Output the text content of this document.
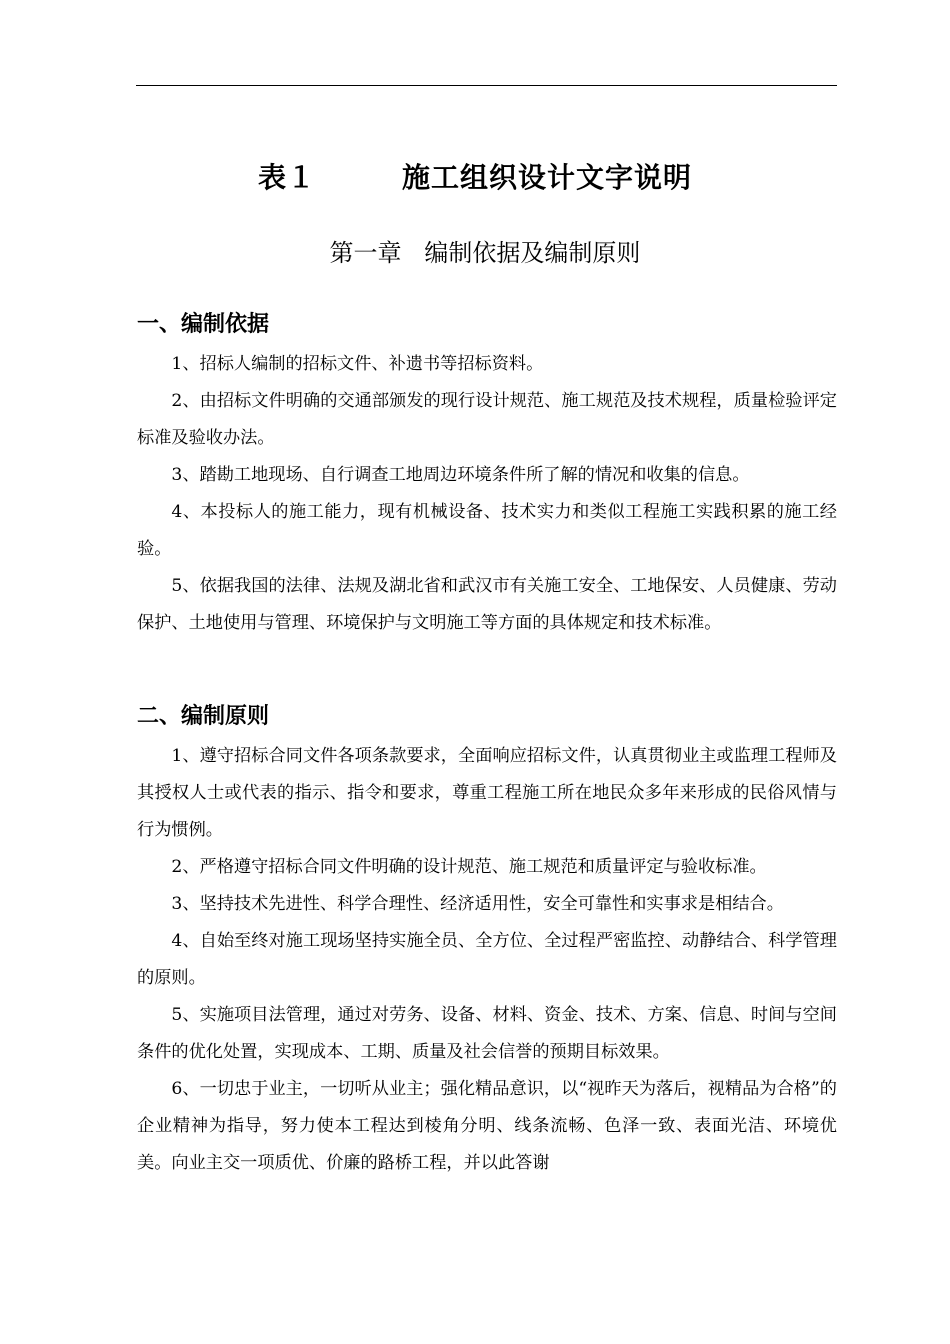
表１        施工组织设计文字说明
第一章   编制依据及编制原则
一、编制依据

1、招标人编制的招标文件、补遗书等招标资料。

2、由招标文件明确的交通部颁发的现行设计规范、施工规范及技术规程，质量检验评定标准及验收办法。

3、踏勘工地现场、自行调查工地周边环境条件所了解的情况和收集的信息。

4、本投标人的施工能力，现有机械设备、技术实力和类似工程施工实践积累的施工经验。

5、依据我国的法律、法规及湖北省和武汉市有关施工安全、工地保安、人员健康、劳动保护、土地使用与管理、环境保护与文明施工等方面的具体规定和技术标准。

二、编制原则

1、遵守招标合同文件各项条款要求，全面响应招标文件，认真贯彻业主或监理工程师及其授权人士或代表的指示、指令和要求，尊重工程施工所在地民众多年来形成的民俗风情与行为惯例。

2、严格遵守招标合同文件明确的设计规范、施工规范和质量评定与验收标准。

3、坚持技术先进性、科学合理性、经济适用性，安全可靠性和实事求是相结合。

4、自始至终对施工现场坚持实施全员、全方位、全过程严密监控、动静结合、科学管理的原则。

5、实施项目法管理，通过对劳务、设备、材料、资金、技术、方案、信息、时间与空间条件的优化处置，实现成本、工期、质量及社会信誉的预期目标效果。

6、一切忠于业主，一切听从业主；强化精品意识，以“视昨天为落后，视精品为合格”的企业精神为指导，努力使本工程达到棱角分明、线条流畅、色泽一致、表面光洁、环境优美。向业主交一项质优、价廉的路桥工程，并以此答谢
